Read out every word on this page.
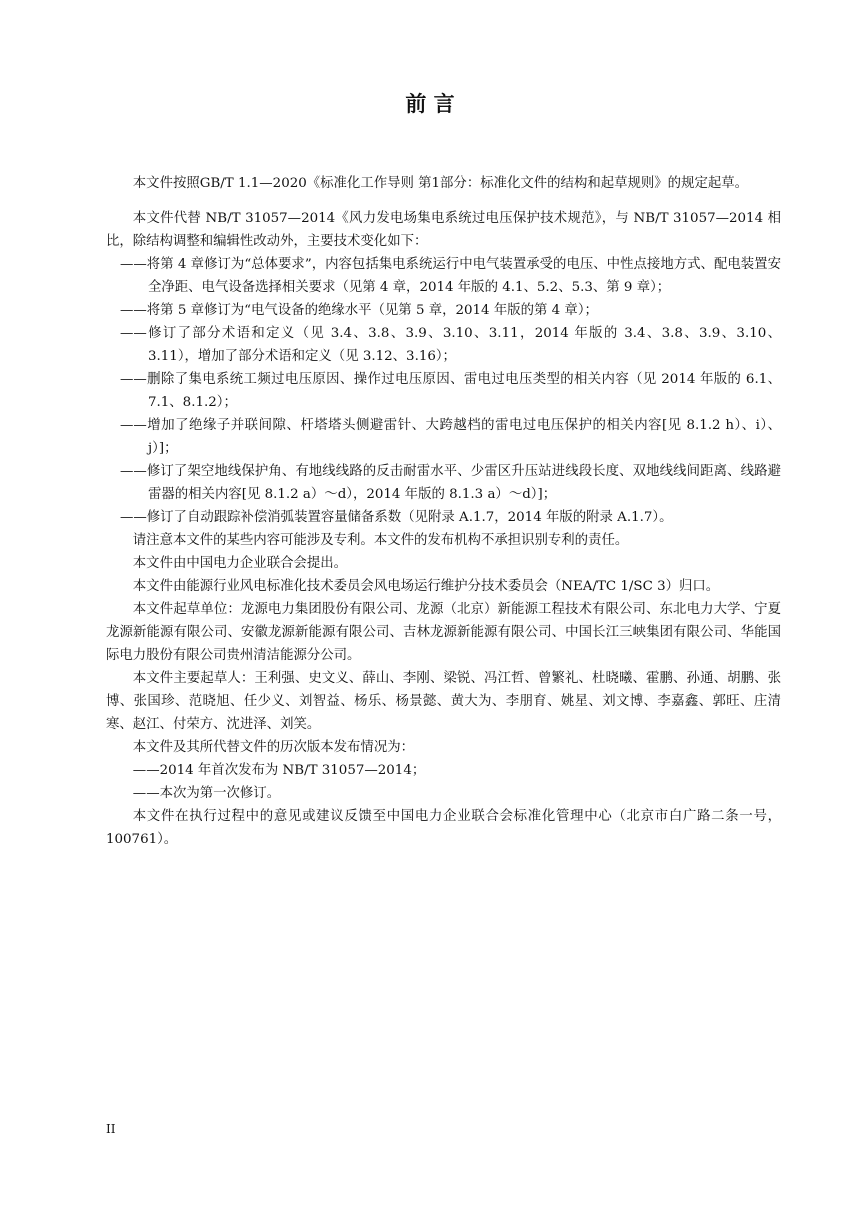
前 言

本文件按照GB/T 1.1—2020《标准化工作导则 第1部分：标准化文件的结构和起草规则》的规定起草。

本文件代替 NB/T 31057—2014《风力发电场集电系统过电压保护技术规范》，与 NB/T 31057—2014 相比，除结构调整和编辑性改动外，主要技术变化如下：

——将第 4 章修订为“总体要求”，内容包括集电系统运行中电气装置承受的电压、中性点接地方式、配电装置安全净距、电气设备选择相关要求（见第 4 章，2014 年版的 4.1、5.2、5.3、第 9 章）；

——将第 5 章修订为“电气设备的绝缘水平（见第 5 章，2014 年版的第 4 章）；

——修订了部分术语和定义（见 3.4、3.8、3.9、3.10、3.11，2014 年版的 3.4、3.8、3.9、3.10、3.11），增加了部分术语和定义（见 3.12、3.16）；

——删除了集电系统工频过电压原因、操作过电压原因、雷电过电压类型的相关内容（见 2014 年版的 6.1、7.1、8.1.2）；

——增加了绝缘子并联间隙、杆塔塔头侧避雷针、大跨越档的雷电过电压保护的相关内容[见 8.1.2 h）、i）、j）]；

——修订了架空地线保护角、有地线线路的反击耐雷水平、少雷区升压站进线段长度、双地线线间距离、线路避雷器的相关内容[见 8.1.2 a）～d），2014 年版的 8.1.3 a）～d）]；

——修订了自动跟踪补偿消弧装置容量储备系数（见附录 A.1.7，2014 年版的附录 A.1.7）。

请注意本文件的某些内容可能涉及专利。本文件的发布机构不承担识别专利的责任。

本文件由中国电力企业联合会提出。

本文件由能源行业风电标准化技术委员会风电场运行维护分技术委员会（NEA/TC 1/SC 3）归口。

本文件起草单位：龙源电力集团股份有限公司、龙源（北京）新能源工程技术有限公司、东北电力大学、宁夏龙源新能源有限公司、安徽龙源新能源有限公司、吉林龙源新能源有限公司、中国长江三峡集团有限公司、华能国际电力股份有限公司贵州清洁能源分公司。

本文件主要起草人：王利强、史文义、薛山、李刚、梁锐、冯江哲、曾繁礼、杜晓曦、霍鹏、孙通、胡鹏、张博、张国珍、范晓旭、任少义、刘智益、杨乐、杨景懿、黄大为、李朋育、姚星、刘文博、李嘉鑫、郭旺、庄清寒、赵江、付荣方、沈进泽、刘笑。

本文件及其所代替文件的历次版本发布情况为：

——2014 年首次发布为 NB/T 31057—2014；

——本次为第一次修订。

本文件在执行过程中的意见或建议反馈至中国电力企业联合会标准化管理中心（北京市白广路二条一号，100761）。

II
